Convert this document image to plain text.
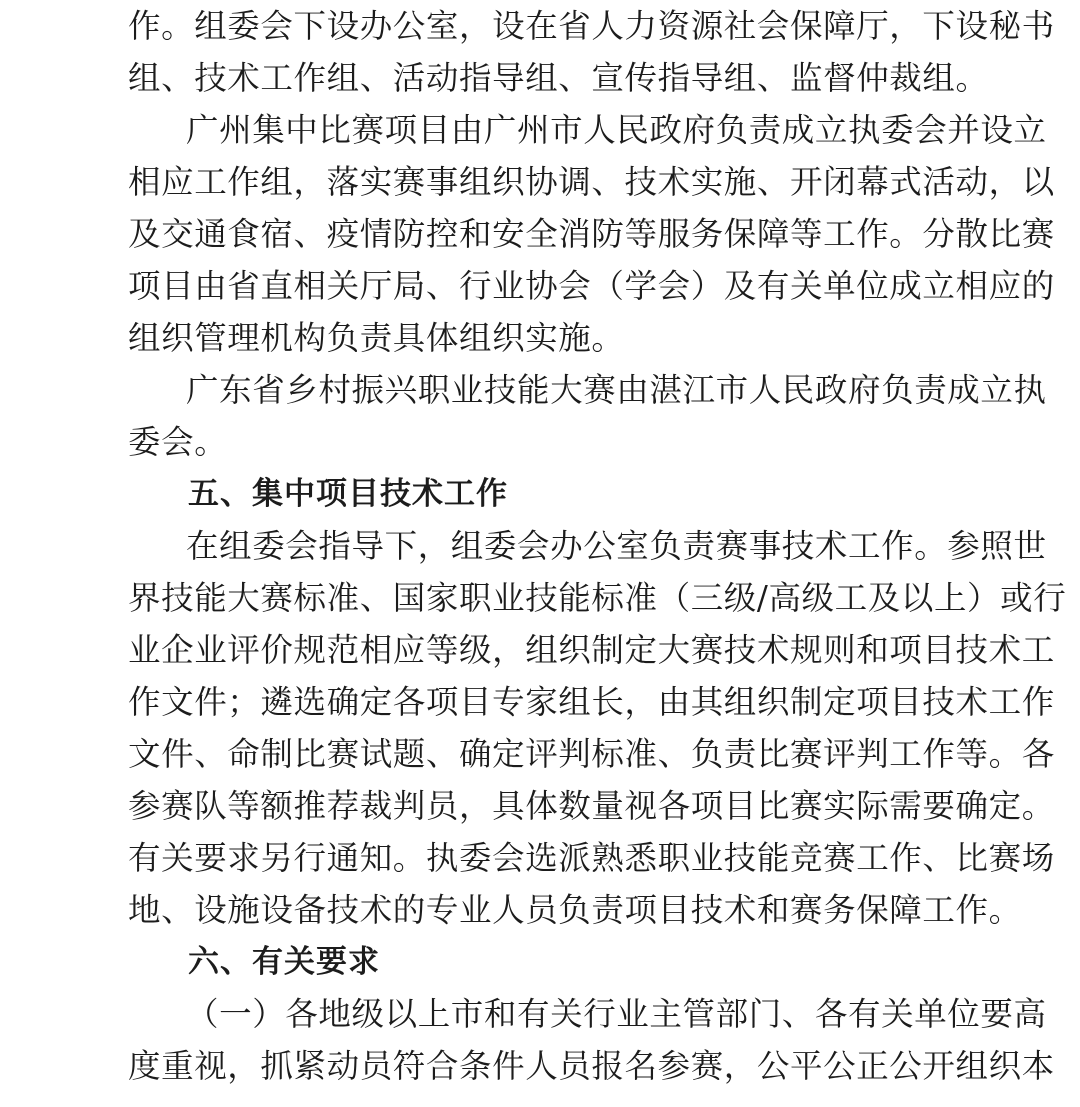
作。组委会下设办公室，设在省人力资源社会保障厅，下设秘书
组、技术工作组、活动指导组、宣传指导组、监督仲裁组。
广州集中比赛项目由广州市人民政府负责成立执委会并设立
相应工作组，落实赛事组织协调、技术实施、开闭幕式活动，以
及交通食宿、疫情防控和安全消防等服务保障等工作。分散比赛
项目由省直相关厅局、行业协会（学会）及有关单位成立相应的
组织管理机构负责具体组织实施。
广东省乡村振兴职业技能大赛由湛江市人民政府负责成立执
委会。
五、集中项目技术工作
在组委会指导下，组委会办公室负责赛事技术工作。参照世
界技能大赛标准、国家职业技能标准（三级/高级工及以上）或行
业企业评价规范相应等级，组织制定大赛技术规则和项目技术工
作文件；遴选确定各项目专家组长，由其组织制定项目技术工作
文件、命制比赛试题、确定评判标准、负责比赛评判工作等。各
参赛队等额推荐裁判员，具体数量视各项目比赛实际需要确定。
有关要求另行通知。执委会选派熟悉职业技能竞赛工作、比赛场
地、设施设备技术的专业人员负责项目技术和赛务保障工作。
六、有关要求
（一）各地级以上市和有关行业主管部门、各有关单位要高
度重视，抓紧动员符合条件人员报名参赛，公平公正公开组织本
